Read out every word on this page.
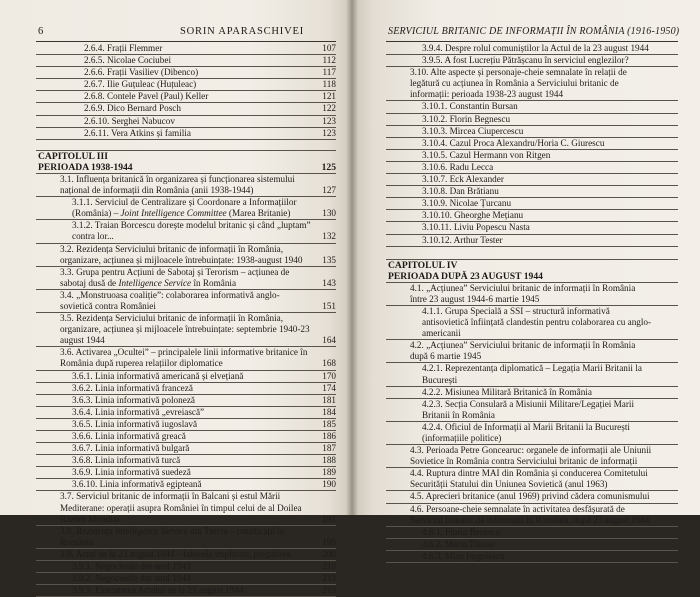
6	SORIN APARASCHIVEI
2.6.4. Frații Flemmer	107
2.6.5. Nicolae Cociubei	112
2.6.6. Frații Vasiliev (Dibenco)	117
2.6.7. Ilie Guțuleac (Huțuleac)	118
2.6.8. Contele Pavel (Paul) Keller	121
2.6.9. Dico Bernard Posch	122
2.6.10. Serghei Nabucov	123
2.6.11. Vera Atkins și familia	123
CAPITOLUL III
PERIOADA 1938-1944	125
3.1. Influența britanică în organizarea și funcționarea sistemului național de informații din România (anii 1938-1944)	127
3.1.1. Serviciul de Centralizare și Coordonare a Informațiilor (România) – Joint Intelligence Committee (Marea Britanie)	130
3.1.2. Traian Borcescu dorește modelul britanic și când „luptam” contra lor...	132
3.2. Rezidența Serviciului britanic de informații în România, organizare, acțiunea și mijloacele întrebuințate: 1938-august 1940	135
3.3. Grupa pentru Acțiuni de Sabotaj și Terorism – acțiunea de sabotaj dusă de Intelligence Service în România	143
3.4. „Monstruoasa coaliție”: colaborarea informativă anglo-sovietică contra României	151
3.5. Rezidența Serviciului britanic de informații în România, organizare, acțiunea și mijloacele întrebuințate: septembrie 1940-23 august 1944	164
3.6. Activarea „Ocultei” – principalele linii informative britanice în România după ruperea relațiilor diplomatice	168
3.6.1. Linia informativă americană și elvețiană	170
3.6.2. Linia informativă franceză	174
3.6.3. Linia informativă poloneză	181
3.6.4. Linia informativă „evreiască”	184
3.6.5. Linia informativă iugoslavă	185
3.6.6. Linia informativă greacă	186
3.6.7. Linia informativă bulgară	187
3.6.8. Linia informativă turcă	188
3.6.9. Linia informativă suedeză	189
3.6.10. Linia informativă egipteană	190
3.7. Serviciul britanic de informații în Balcani și estul Mării Mediterane: operații asupra României în timpul celui de al Doilea Război Mondial	191
3.8. Rezidența Intelligence Service din Turcia – ramificații în România	195
3.9. Actul de la 23 august 1944 – taberele implicate, pregătirea	200
3.9.1. Negocierile din anul 1943	210
3.9.2. Negocierile din anul 1944	213
3.9.3. Executarea Actului de la 23 august 1944	219
SERVICIUL BRITANIC DE INFORMAȚII ÎN ROMÂNIA (1916-1950)
3.9.4. Despre rolul comuniștilor la Actul de la 23 august 1944
3.9.5. A fost Lucrețiu Pătrășcanu în serviciul englezilor?
3.10. Alte aspecte și personaje-cheie semnalate în relații de legătură cu acțiunea în România a Serviciului britanic de informații: perioada 1938-23 august 1944
3.10.1. Constantin Bursan
3.10.2. Florin Begnescu
3.10.3. Mircea Ciupercescu
3.10.4. Cazul Proca Alexandru/Horia C. Giurescu
3.10.5. Cazul Hermann von Ritgen
3.10.6. Radu Lecca
3.10.7. Eck Alexander
3.10.8. Dan Brătianu
3.10.9. Nicolae Țurcanu
3.10.10. Gheorghe Mețianu
3.10.11. Liviu Popescu Nasta
3.10.12. Arthur Tester
CAPITOLUL IV
PERIOADA DUPĂ 23 AUGUST 1944
4.1. „Acțiunea” Serviciului britanic de informații în România între 23 august 1944-6 martie 1945
4.1.1. Grupa Specială a SSI – structură informativă antisovietică înființată clandestin pentru colaborarea cu anglo-americanii
4.2. „Acțiunea” Serviciului britanic de informații în România după 6 martie 1945
4.2.1. Reprezentanța diplomatică – Legația Marii Britanii la București
4.2.2. Misiunea Militară Britanică în România
4.2.3. Secția Consulară a Misiunii Militare/Legației Marii Britanii în România
4.2.4. Oficiul de Informații al Marii Britanii la București (informațiile politice)
4.3. Perioada Petre Goncearuc: organele de informații ale Uniunii Sovietice în România contra Serviciului britanic de informații
4.4. Ruptura dintre MAI din România și conducerea Comitetului Securității Statului din Uniunea Sovietică (anul 1963)
4.5. Aprecieri britanice (anul 1969) privind cădera comunismului
4.6. Persoane-cheie semnalate în activitatea desfășurată de Serviciul britanic de informații în România, după 23 august 1944
4.6.1. Florin Becescu
4.6.2. Maria Tănase
4.6.3. Mișu Iorgulescu
